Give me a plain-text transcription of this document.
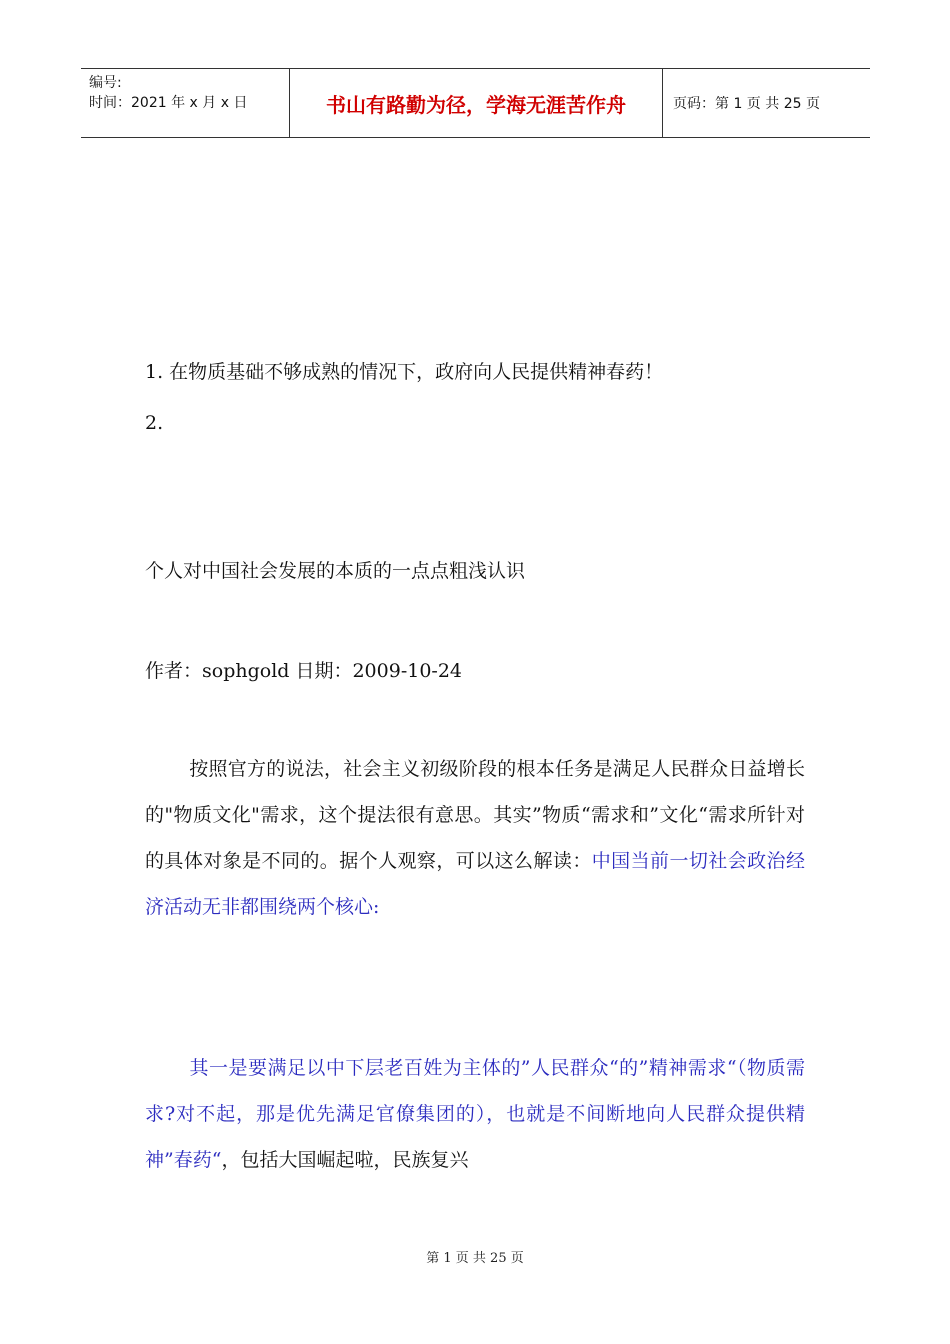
编号:
时间：2021 年 x 月 x 日	书山有路勤为径，学海无涯苦作舟	页码：第 1 页 共 25 页
1. 在物质基础不够成熟的情况下，政府向人民提供精神春药！
2.
个人对中国社会发展的本质的一点点粗浅认识
作者：sophgold 日期：2009-10-24
按照官方的说法，社会主义初级阶段的根本任务是满足人民群众日益增长的"物质文化"需求，这个提法很有意思。其实”物质“需求和”文化“需求所针对的具体对象是不同的。据个人观察，可以这么解读：中国当前一切社会政治经济活动无非都围绕两个核心:
其一是要满足以中下层老百姓为主体的”人民群众“的”精神需求“（物质需求?对不起，那是优先满足官僚集团的），也就是不间断地向人民群众提供精神”春药“，包括大国崛起啦，民族复兴
第 1 页 共 25 页
